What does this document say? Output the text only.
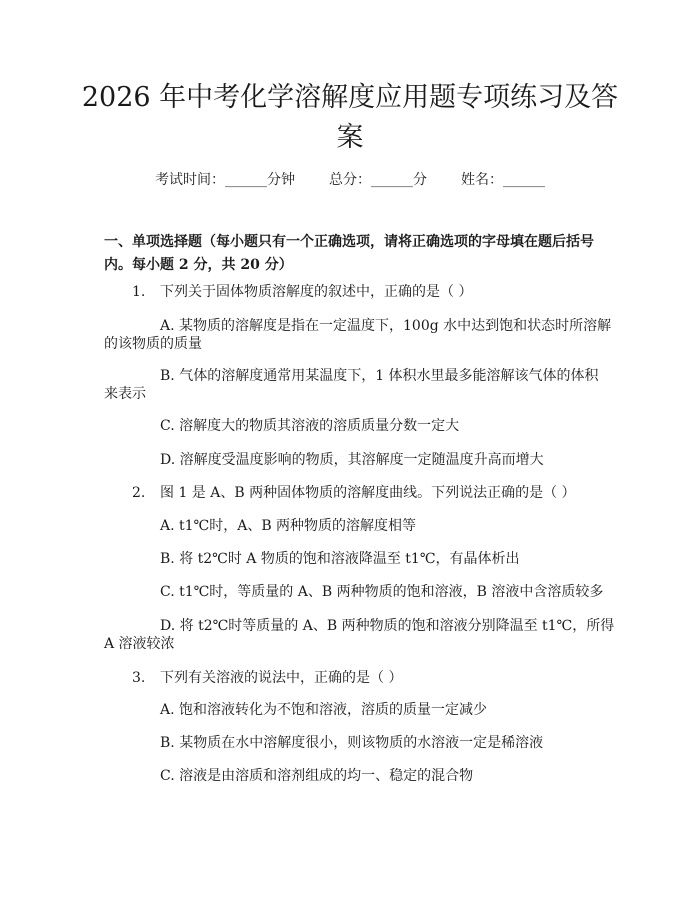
2026 年中考化学溶解度应用题专项练习及答
案
考试时间：______分钟 总分：______分 姓名：______
一、单项选择题（每小题只有一个正确选项，请将正确选项的字母填在题后括号
内。每小题 2 分，共 20 分）
1. 下列关于固体物质溶解度的叙述中，正确的是（ ）
A. 某物质的溶解度是指在一定温度下，100g 水中达到饱和状态时所溶解
的该物质的质量
B. 气体的溶解度通常用某温度下，1 体积水里最多能溶解该气体的体积
来表示
C. 溶解度大的物质其溶液的溶质质量分数一定大
D. 溶解度受温度影响的物质，其溶解度一定随温度升高而增大
2. 图 1 是 A、B 两种固体物质的溶解度曲线。下列说法正确的是（ ）
A. t1℃时，A、B 两种物质的溶解度相等
B. 将 t2℃时 A 物质的饱和溶液降温至 t1℃，有晶体析出
C. t1℃时，等质量的 A、B 两种物质的饱和溶液，B 溶液中含溶质较多
D. 将 t2℃时等质量的 A、B 两种物质的饱和溶液分别降温至 t1℃，所得
A 溶液较浓
3. 下列有关溶液的说法中，正确的是（ ）
A. 饱和溶液转化为不饱和溶液，溶质的质量一定减少
B. 某物质在水中溶解度很小，则该物质的水溶液一定是稀溶液
C. 溶液是由溶质和溶剂组成的均一、稳定的混合物
